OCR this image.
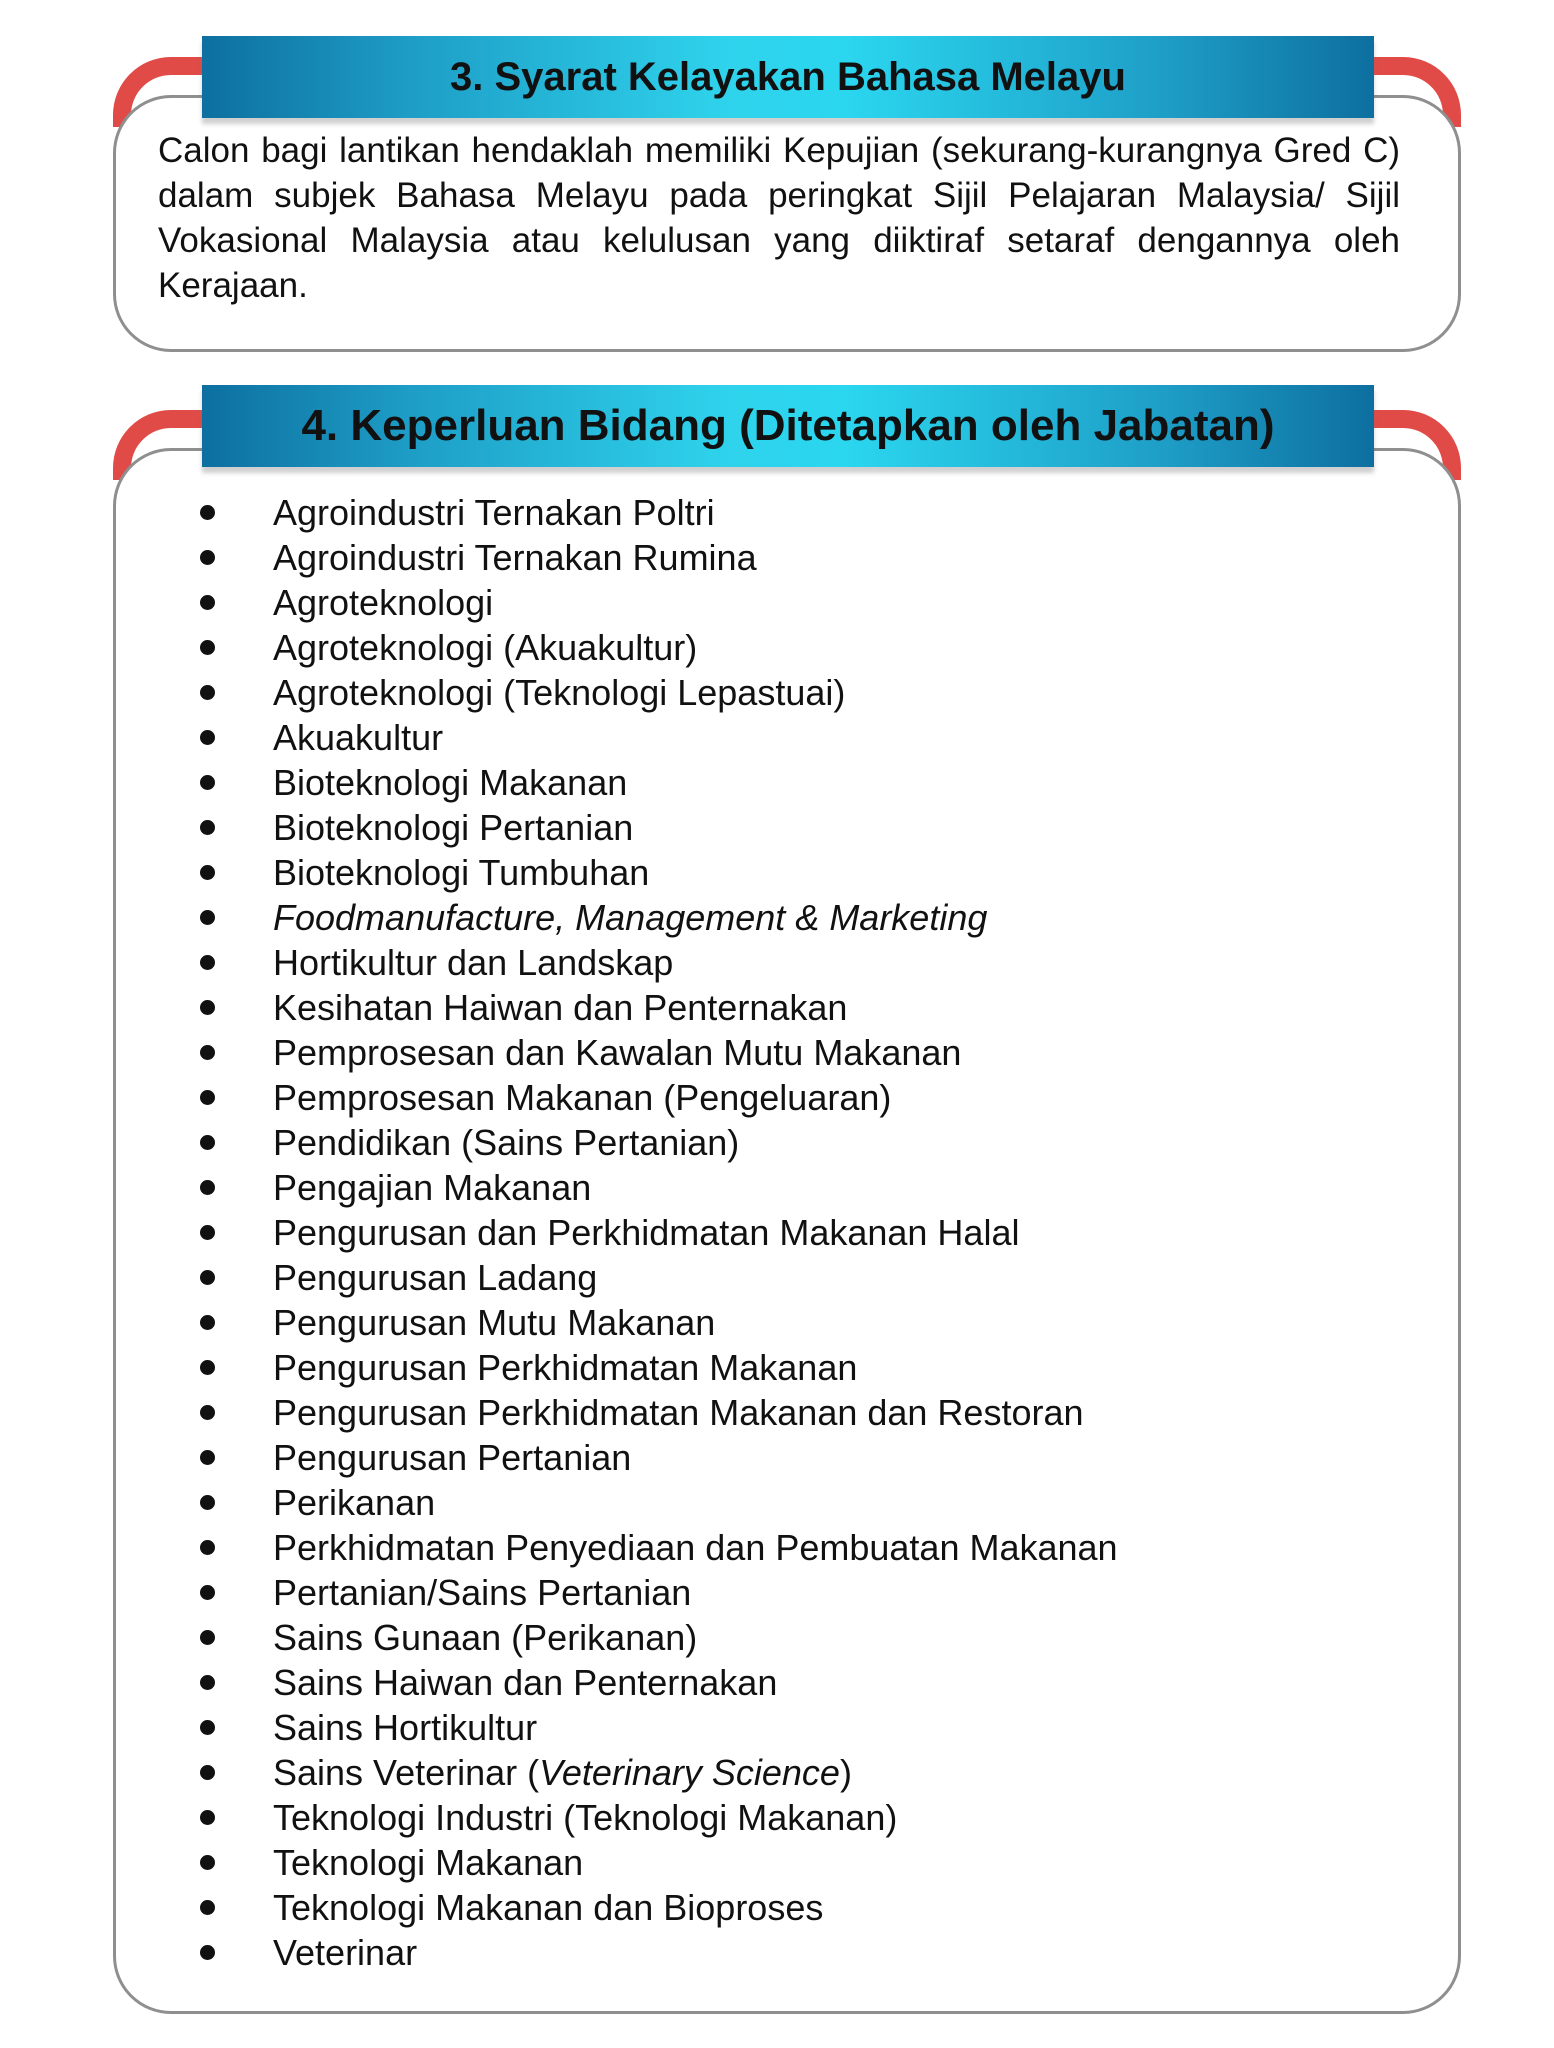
3. Syarat Kelayakan Bahasa Melayu

Calon bagi lantikan hendaklah memiliki Kepujian (sekurang-kurangnya Gred C) dalam subjek Bahasa Melayu pada peringkat Sijil Pelajaran Malaysia/ Sijil Vokasional Malaysia atau kelulusan yang diiktiraf setaraf dengannya oleh Kerajaan.

4. Keperluan Bidang (Ditetapkan oleh Jabatan)
Agroindustri Ternakan Poltri
Agroindustri Ternakan Rumina
Agroteknologi
Agroteknologi (Akuakultur)
Agroteknologi (Teknologi Lepastuai)
Akuakultur
Bioteknologi Makanan
Bioteknologi Pertanian
Bioteknologi Tumbuhan
Foodmanufacture, Management & Marketing
Hortikultur dan Landskap
Kesihatan Haiwan dan Penternakan
Pemprosesan dan Kawalan Mutu Makanan
Pemprosesan Makanan (Pengeluaran)
Pendidikan (Sains Pertanian)
Pengajian Makanan
Pengurusan dan Perkhidmatan Makanan Halal
Pengurusan Ladang
Pengurusan Mutu Makanan
Pengurusan Perkhidmatan Makanan
Pengurusan Perkhidmatan Makanan dan Restoran
Pengurusan Pertanian
Perikanan
Perkhidmatan Penyediaan dan Pembuatan Makanan
Pertanian/Sains Pertanian
Sains Gunaan (Perikanan)
Sains Haiwan dan Penternakan
Sains Hortikultur
Sains Veterinar (Veterinary Science)
Teknologi Industri (Teknologi Makanan)
Teknologi Makanan
Teknologi Makanan dan Bioproses
Veterinar
